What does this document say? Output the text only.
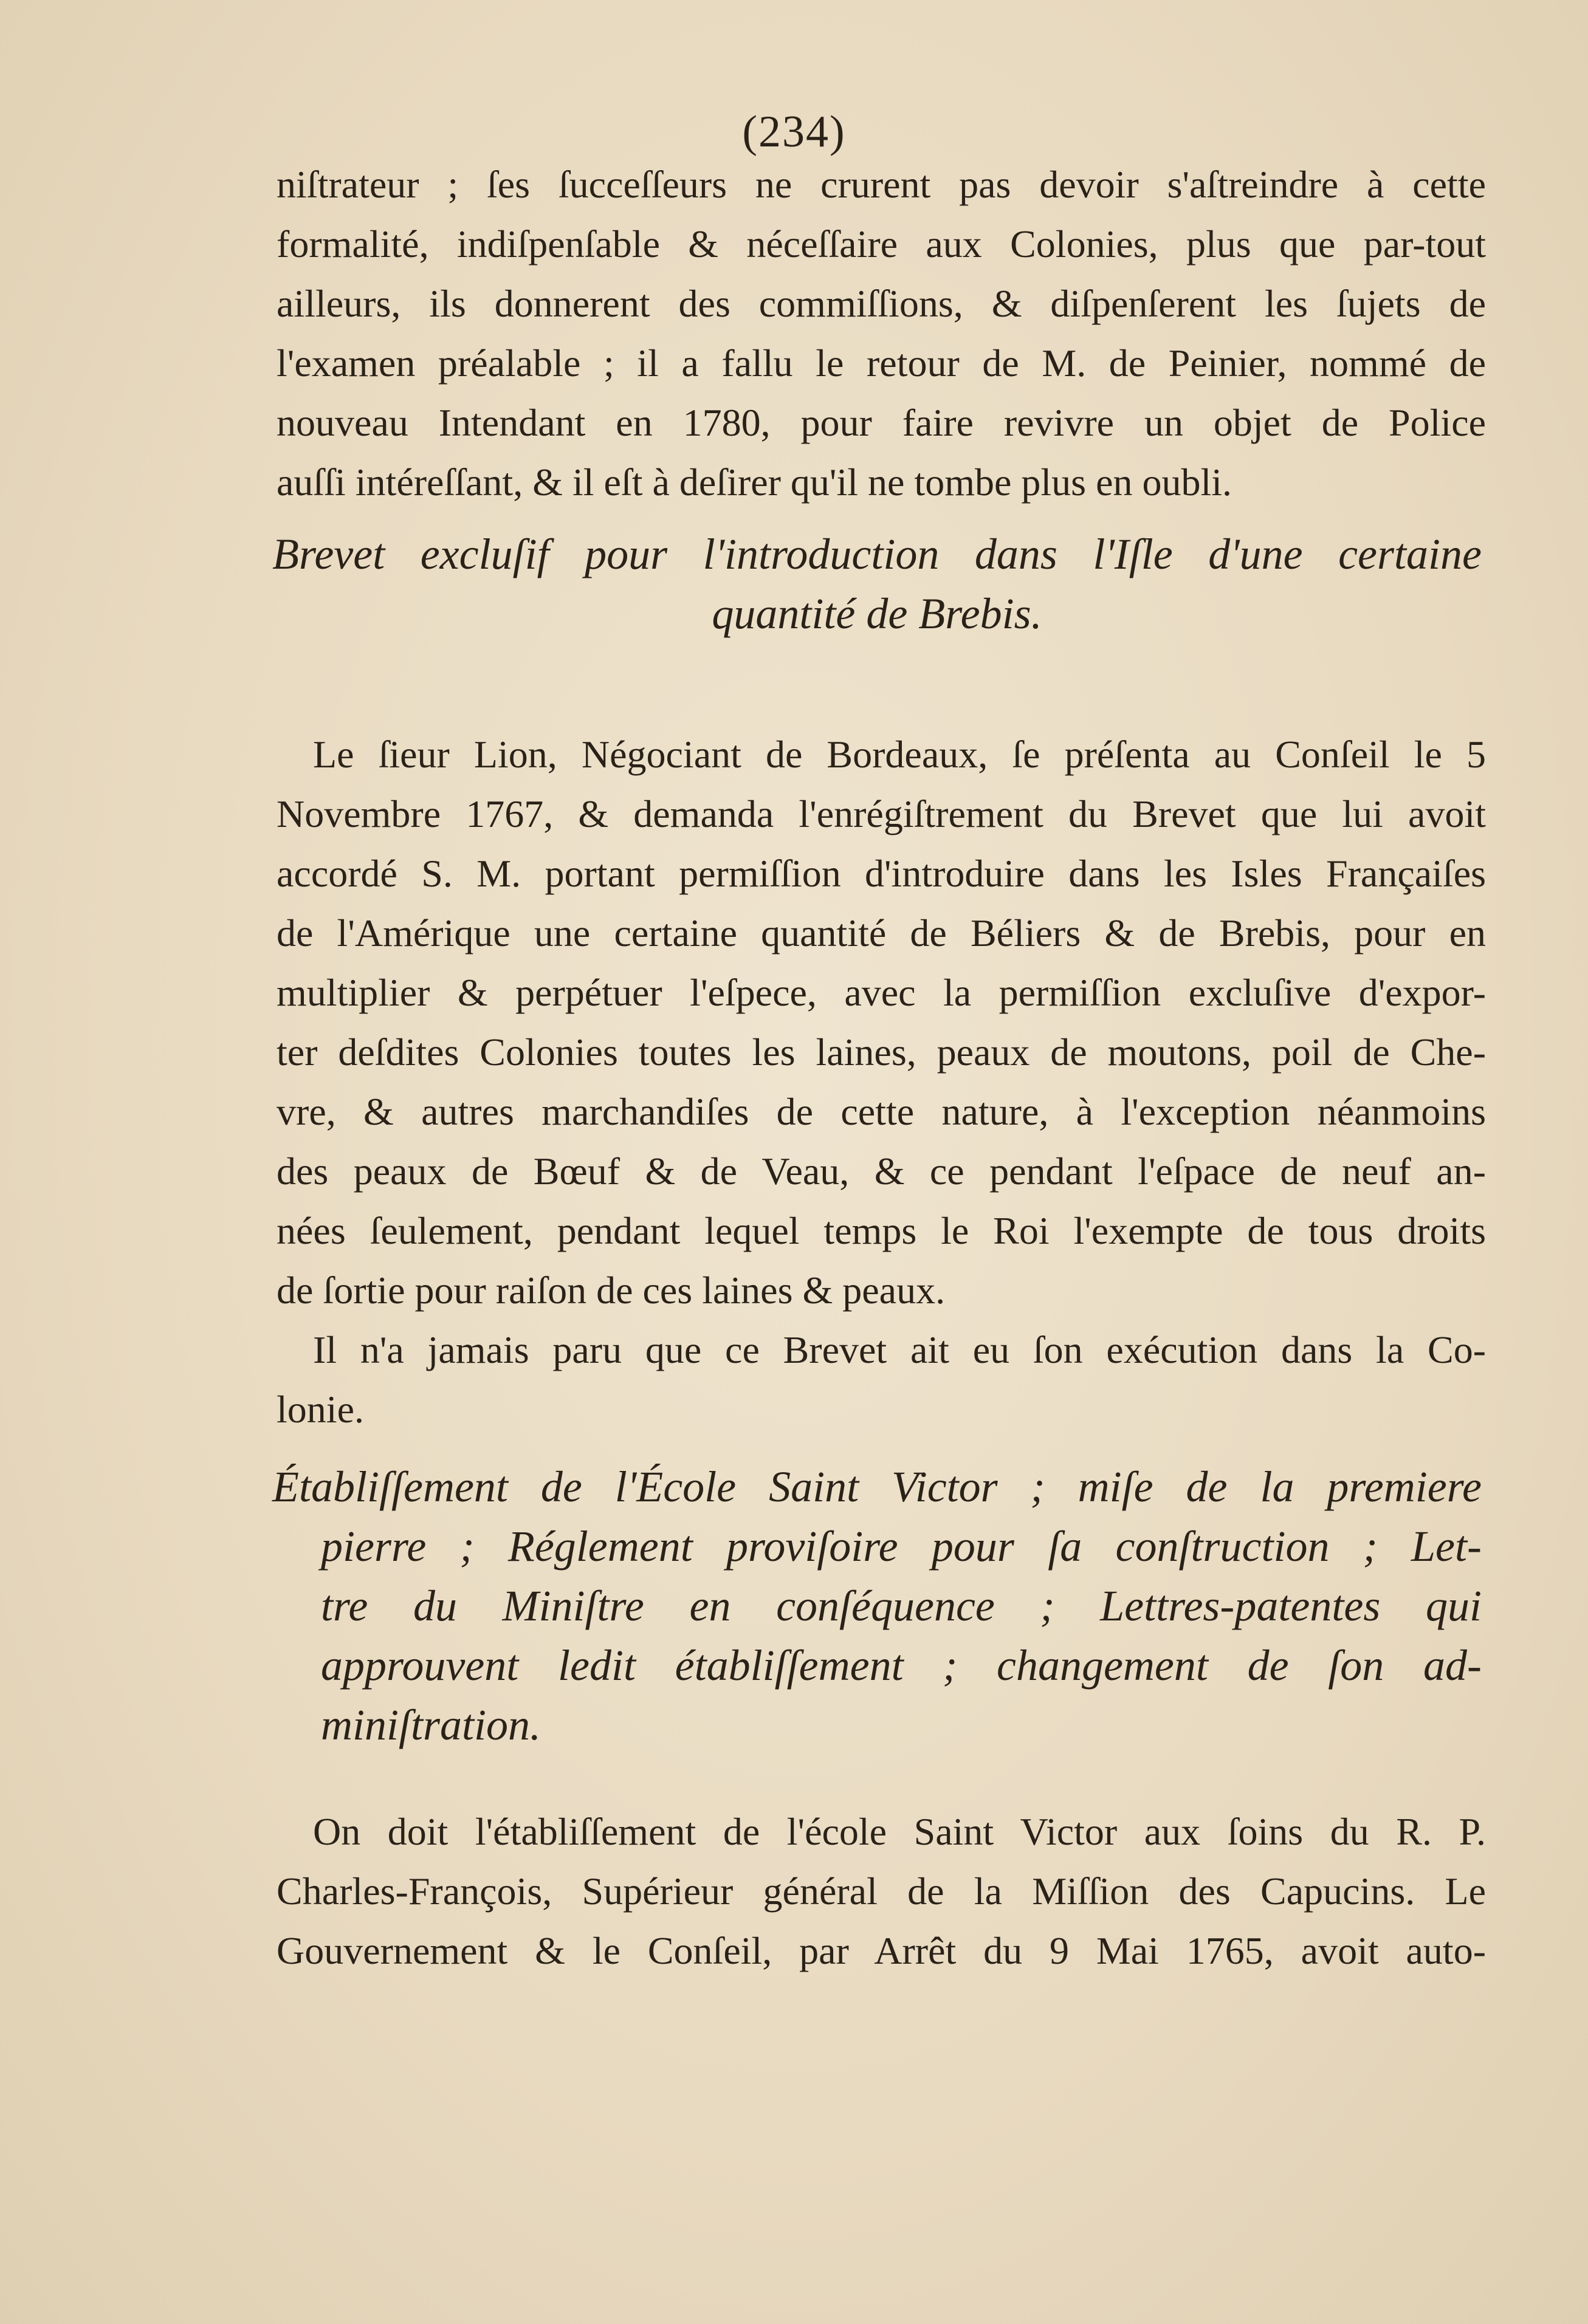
(234)
niſtrateur ; ſes ſucceſſeurs ne crurent pas devoir s'aſtreindre à cette
formalité, indiſpenſable & néceſſaire aux Colonies, plus que par-tout
ailleurs, ils donnerent des commiſſions, & diſpenſerent les ſujets de
l'examen préalable ; il a fallu le retour de M. de Peinier, nommé de
nouveau Intendant en 1780, pour faire revivre un objet de Police
auſſi intéreſſant, & il eſt à deſirer qu'il ne tombe plus en oubli.
Brevet excluſif pour l'introduction dans l'Iſle d'une certaine
quantité de Brebis.
Le ſieur Lion, Négociant de Bordeaux, ſe préſenta au Conſeil le 5
Novembre 1767, & demanda l'enrégiſtrement du Brevet que lui avoit
accordé S. M. portant permiſſion d'introduire dans les Isles Françaiſes
de l'Amérique une certaine quantité de Béliers & de Brebis, pour en
multiplier & perpétuer l'eſpece, avec la permiſſion excluſive d'expor-
ter deſdites Colonies toutes les laines, peaux de moutons, poil de Che-
vre, & autres marchandiſes de cette nature, à l'exception néanmoins
des peaux de Bœuf & de Veau, & ce pendant l'eſpace de neuf an-
nées ſeulement, pendant lequel temps le Roi l'exempte de tous droits
de ſortie pour raiſon de ces laines & peaux.
Il n'a jamais paru que ce Brevet ait eu ſon exécution dans la Co-
lonie.
Établiſſement de l'École Saint Victor ; miſe de la premiere
pierre ; Réglement proviſoire pour ſa conſtruction ; Let-
tre du Miniſtre en conſéquence ; Lettres-patentes qui
approuvent ledit établiſſement ; changement de ſon ad-
miniſtration.
On doit l'établiſſement de l'école Saint Victor aux ſoins du R. P.
Charles-François, Supérieur général de la Miſſion des Capucins. Le
Gouvernement & le Conſeil, par Arrêt du 9 Mai 1765, avoit auto-
